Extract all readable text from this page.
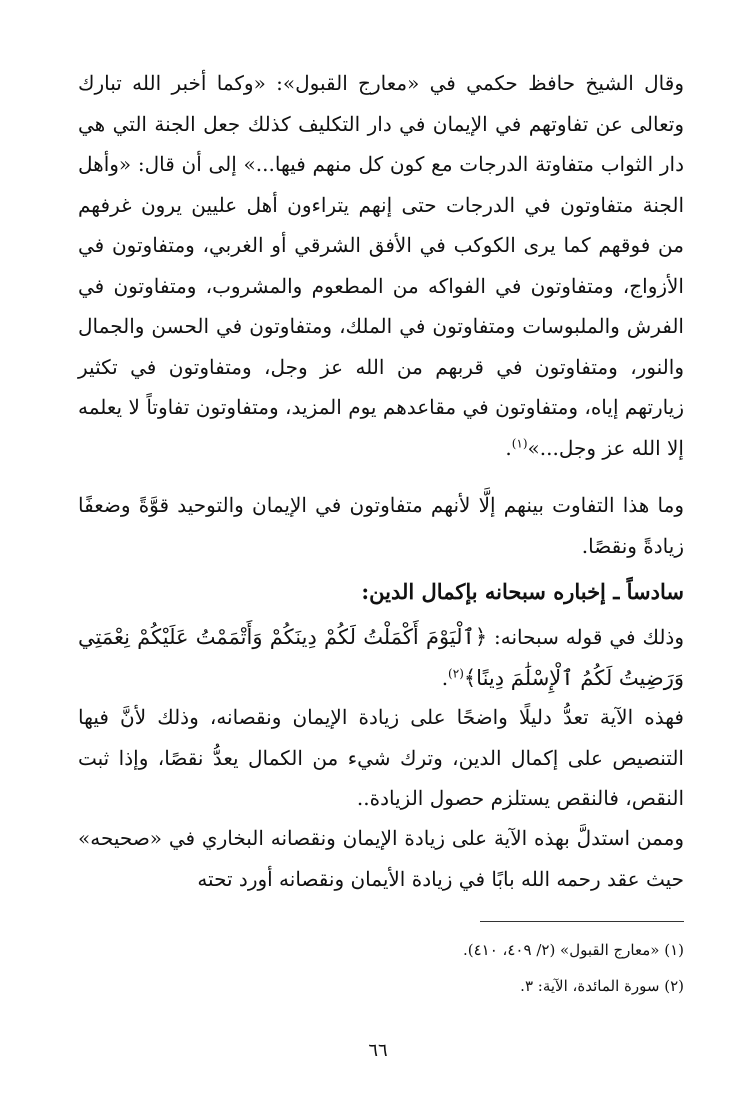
وقال الشيخ حافظ حكمي في «معارج القبول»: «وكما أخبر الله تبارك وتعالى عن تفاوتهم في الإيمان في دار التكليف كذلك جعل الجنة التي هي دار الثواب متفاوتة الدرجات مع كون كل منهم فيها...» إلى أن قال: «وأهل الجنة متفاوتون في الدرجات حتى إنهم يتراءون أهل عليين يرون غرفهم من فوقهم كما يرى الكوكب في الأفق الشرقي أو الغربي، ومتفاوتون في الأزواج، ومتفاوتون في الفواكه من المطعوم والمشروب، ومتفاوتون في الفرش والملبوسات ومتفاوتون في الملك، ومتفاوتون في الحسن والجمال والنور، ومتفاوتون في قربهم من الله عز وجل، ومتفاوتون في تكثير زيارتهم إياه، ومتفاوتون في مقاعدهم يوم المزيد، ومتفاوتون تفاوتاً لا يعلمه إلا الله عز وجل...»$^{(١)}$.

وما هذا التفاوت بينهم إلَّا لأنهم متفاوتون في الإيمان والتوحيد قوَّةً وضعفًا زيادةً ونقصًا.

سادساً ـ إخباره سبحانه بإكمال الدين:

وذلك في قوله سبحانه: ﴿ٱلْيَوْمَ أَكْمَلْتُ لَكُمْ دِينَكُمْ وَأَتْمَمْتُ عَلَيْكُمْ نِعْمَتِي وَرَضِيتُ لَكُمُ ٱلْإِسْلَٰمَ دِينًا﴾$^{(٢)}$.

فهذه الآية تعدُّ دليلًا واضحًا على زيادة الإيمان ونقصانه، وذلك لأنَّ فيها التنصيص على إكمال الدين، وترك شيء من الكمال يعدُّ نقصًا، وإذا ثبت النقص، فالنقص يستلزم حصول الزيادة..

وممن استدلَّ بهذه الآية على زيادة الإيمان ونقصانه البخاري في «صحيحه» حيث عقد رحمه الله بابًا في زيادة الأيمان ونقصانه أورد تحته

(١) «معارج القبول» (٢/ ٤٠٩، ٤١٠).

(٢) سورة المائدة، الآية: ٣.

٦٦
